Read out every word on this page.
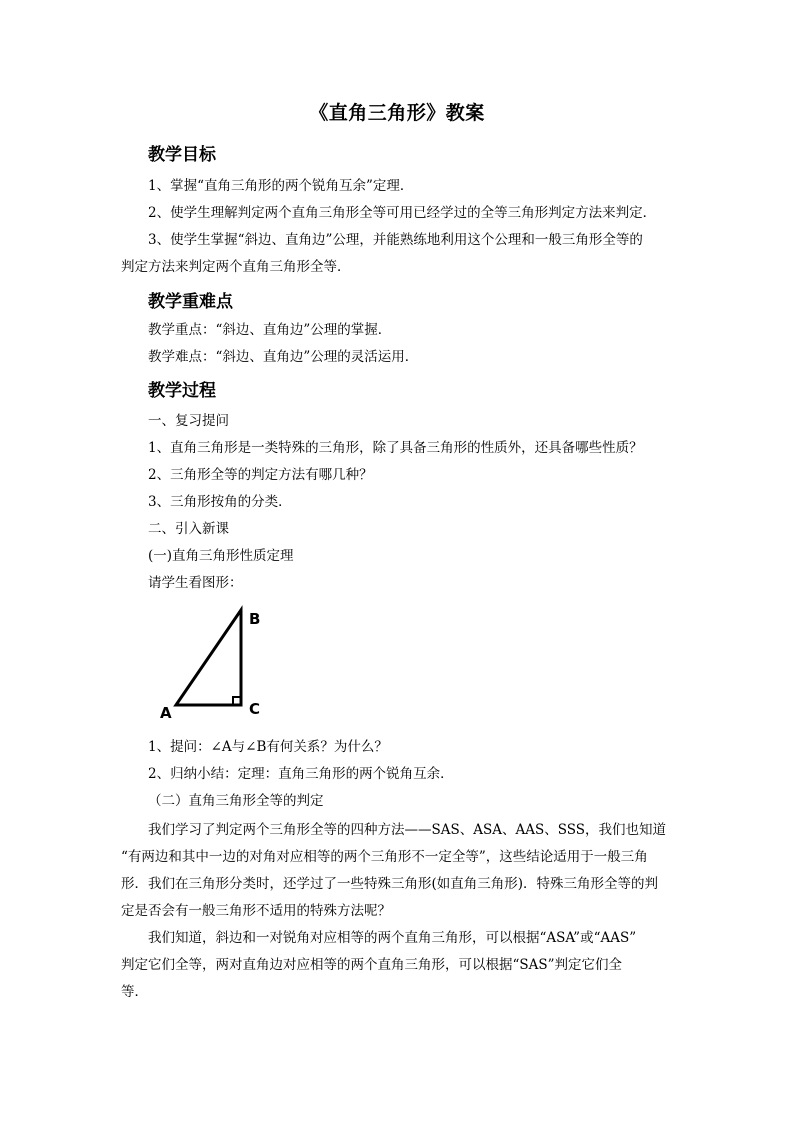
《直角三角形》教案
教学目标
1、掌握“直角三角形的两个锐角互余”定理．
2、使学生理解判定两个直角三角形全等可用已经学过的全等三角形判定方法来判定．
3、使学生掌握“斜边、直角边”公理，并能熟练地利用这个公理和一般三角形全等的
判定方法来判定两个直角三角形全等．
教学重难点
教学重点：“斜边、直角边”公理的掌握．
教学难点：“斜边、直角边”公理的灵活运用．
教学过程
一、复习提问
1、直角三角形是一类特殊的三角形，除了具备三角形的性质外，还具备哪些性质？
2、三角形全等的判定方法有哪几种？
3、三角形按角的分类．
二、引入新课
(一)直角三角形性质定理
请学生看图形：
A
B
C
1、提问：∠A与∠B有何关系？为什么？
2、归纳小结：定理：直角三角形的两个锐角互余．
（二）直角三角形全等的判定
我们学习了判定两个三角形全等的四种方法——SAS、ASA、AAS、SSS，我们也知道
“有两边和其中一边的对角对应相等的两个三角形不一定全等”，这些结论适用于一般三角
形．我们在三角形分类时，还学过了一些特殊三角形(如直角三角形)．特殊三角形全等的判
定是否会有一般三角形不适用的特殊方法呢？
我们知道，斜边和一对锐角对应相等的两个直角三角形，可以根据“ASA”或“AAS”
判定它们全等，两对直角边对应相等的两个直角三角形，可以根据“SAS”判定它们全
等．
